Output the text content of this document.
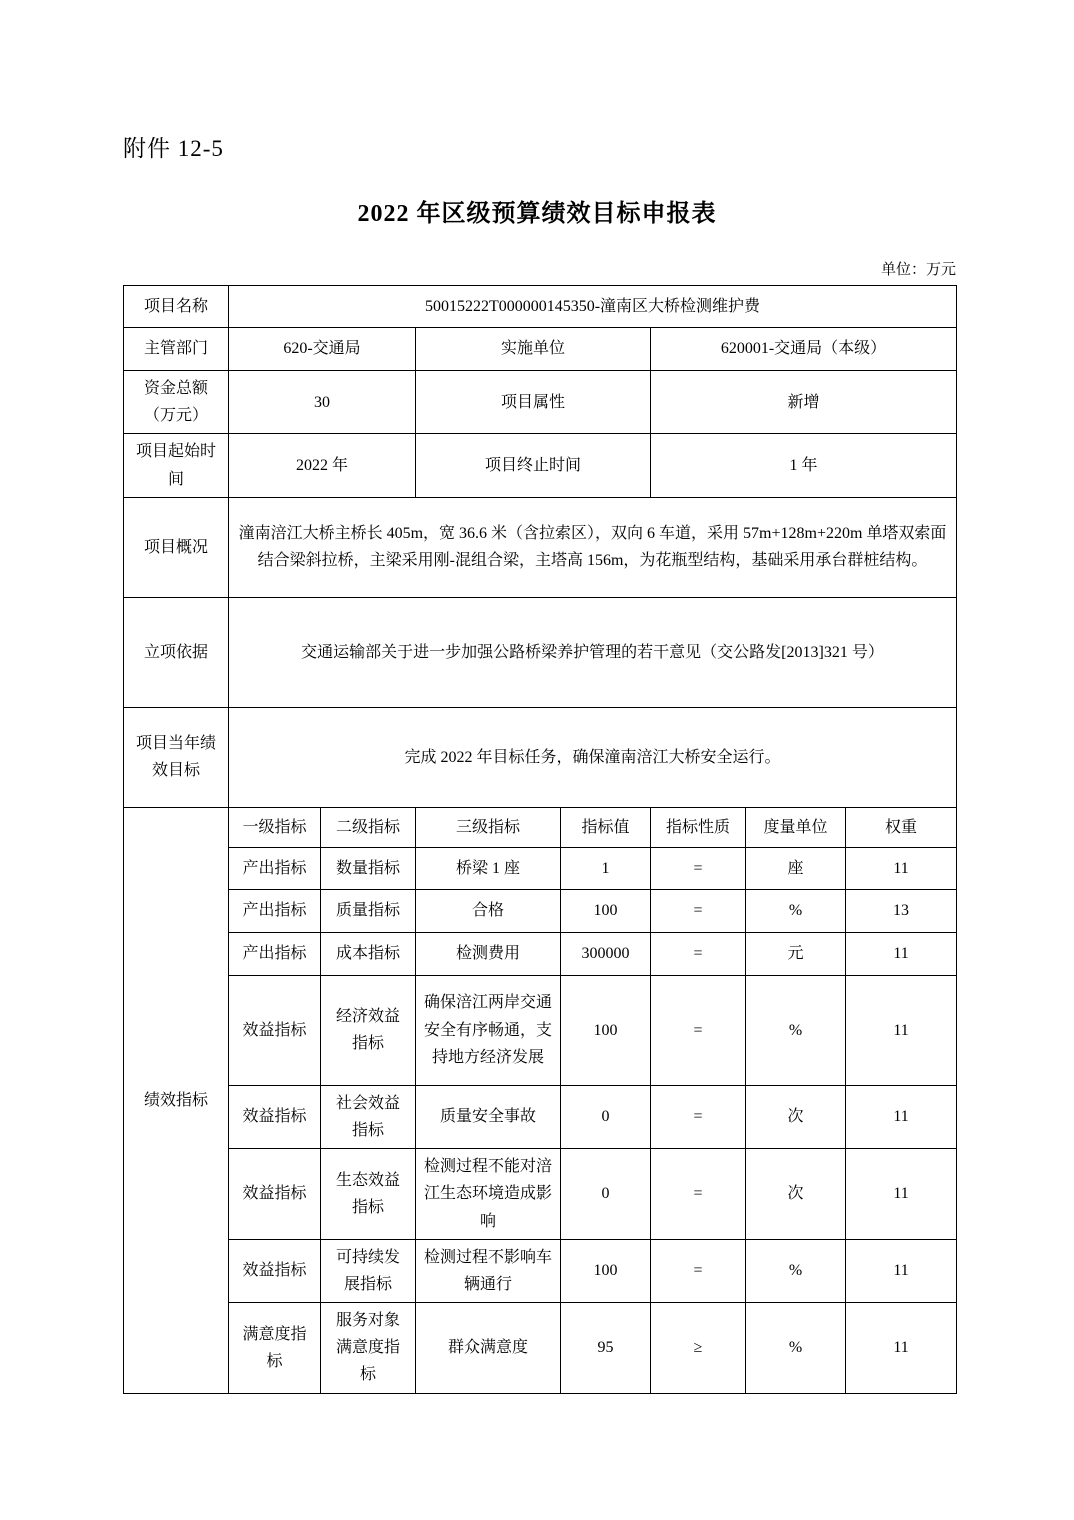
附件 12-5
2022 年区级预算绩效目标申报表
单位：万元
项目名称	50015222T000000145350-潼南区大桥检测维护费						
主管部门	620-交通局		实施单位		620001-交通局（本级）		
资金总额（万元）	30		项目属性		新增		
项目起始时间	2022 年		项目终止时间		1 年		
项目概况	潼南涪江大桥主桥长 405m，宽 36.6 米（含拉索区），双向 6 车道，采用 57m+128m+220m 单塔双索面结合梁斜拉桥，主梁采用刚-混组合梁，主塔高 156m，为花瓶型结构，基础采用承台群桩结构。						
立项依据	交通运输部关于进一步加强公路桥梁养护管理的若干意见（交公路发[2013]321 号）						
项目当年绩效目标	完成 2022 年目标任务，确保潼南涪江大桥安全运行。						
绩效指标	一级指标	二级指标	三级指标	指标值	指标性质	度量单位	权重
	产出指标	数量指标	桥梁 1 座	1	=	座	11
	产出指标	质量指标	合格	100	=	%	13
	产出指标	成本指标	检测费用	300000	=	元	11
	效益指标	经济效益指标	确保涪江两岸交通安全有序畅通，支持地方经济发展	100	=	%	11
	效益指标	社会效益指标	质量安全事故	0	=	次	11
	效益指标	生态效益指标	检测过程不能对涪江生态环境造成影响	0	=	次	11
	效益指标	可持续发展指标	检测过程不影响车辆通行	100	=	%	11
	满意度指标	服务对象满意度指标	群众满意度	95	≥	%	11
